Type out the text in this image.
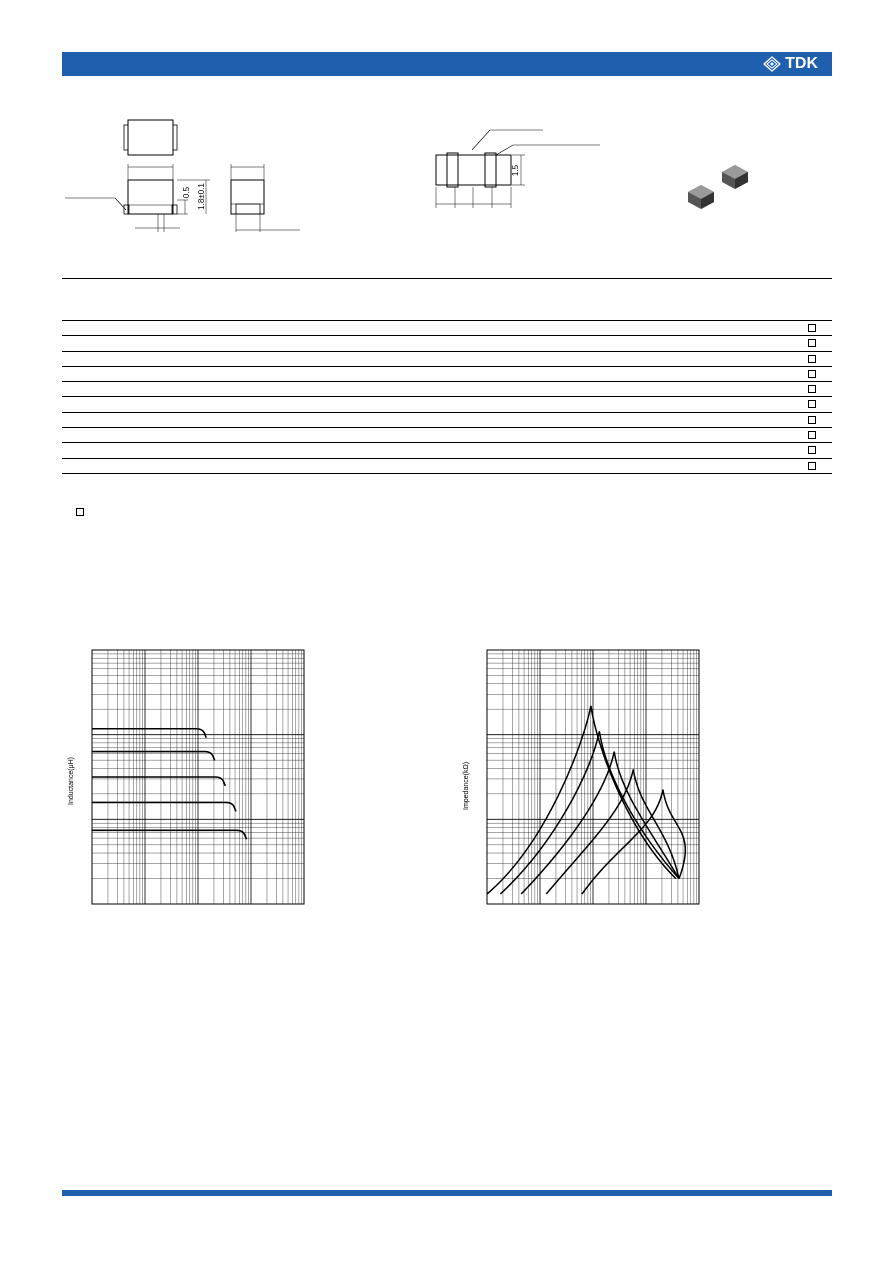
TDK
0.5 1.8±0.1
1.5
Inductance(μH)	Impedance(kΩ)
